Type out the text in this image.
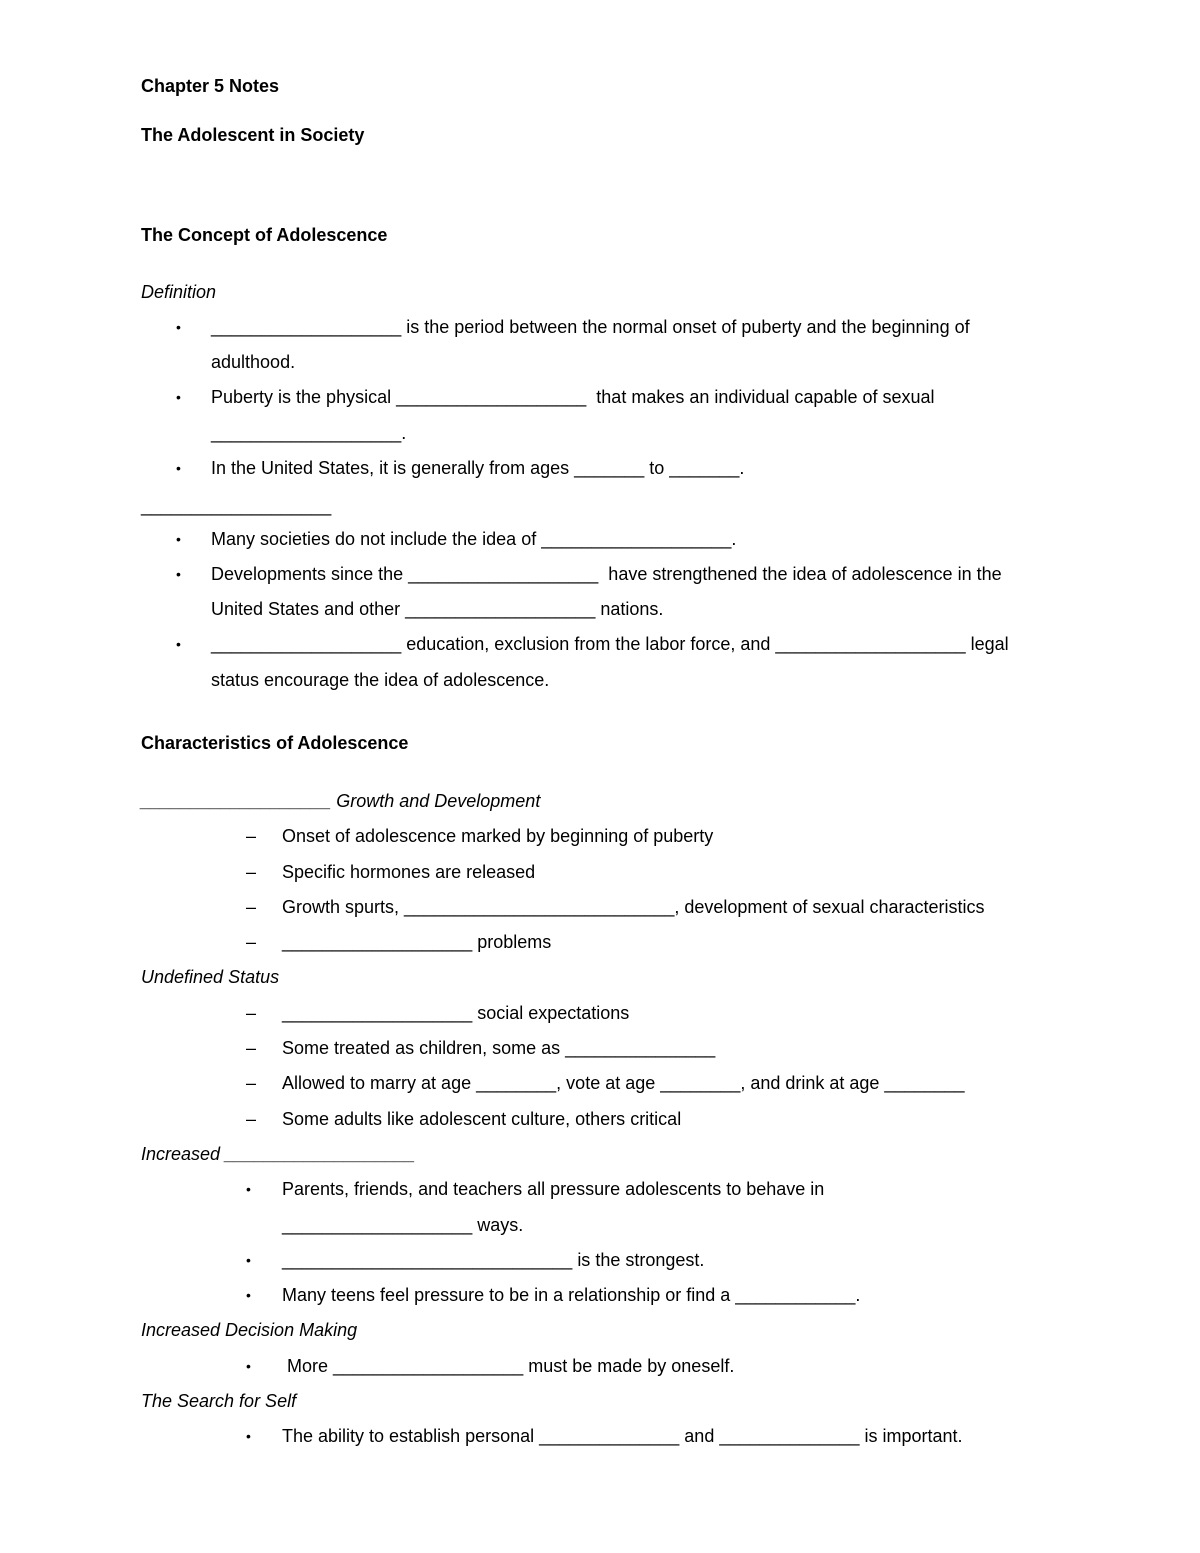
Chapter 5 Notes
The Adolescent in Society
The Concept of Adolescence
Definition
• ___________________ is the period between the normal onset of puberty and the beginning of
adulthood.
• Puberty is the physical ___________________  that makes an individual capable of sexual
___________________.
• In the United States, it is generally from ages _______ to _______.
___________________
• Many societies do not include the idea of ___________________.
• Developments since the ___________________  have strengthened the idea of adolescence in the
United States and other ___________________ nations.
• ___________________ education, exclusion from the labor force, and ___________________ legal
status encourage the idea of adolescence.
Characteristics of Adolescence
___________________ Growth and Development
– Onset of adolescence marked by beginning of puberty
– Specific hormones are released
– Growth spurts, ___________________________, development of sexual characteristics
– ___________________ problems
Undefined Status
– ___________________ social expectations
– Some treated as children, some as _______________
– Allowed to marry at age ________, vote at age ________, and drink at age ________
– Some adults like adolescent culture, others critical
Increased ___________________
• Parents, friends, and teachers all pressure adolescents to behave in
___________________ ways.
• _____________________________ is the strongest.
• Many teens feel pressure to be in a relationship or find a ____________.
Increased Decision Making
• More ___________________ must be made by oneself.
The Search for Self
• The ability to establish personal ______________ and ______________ is important.
